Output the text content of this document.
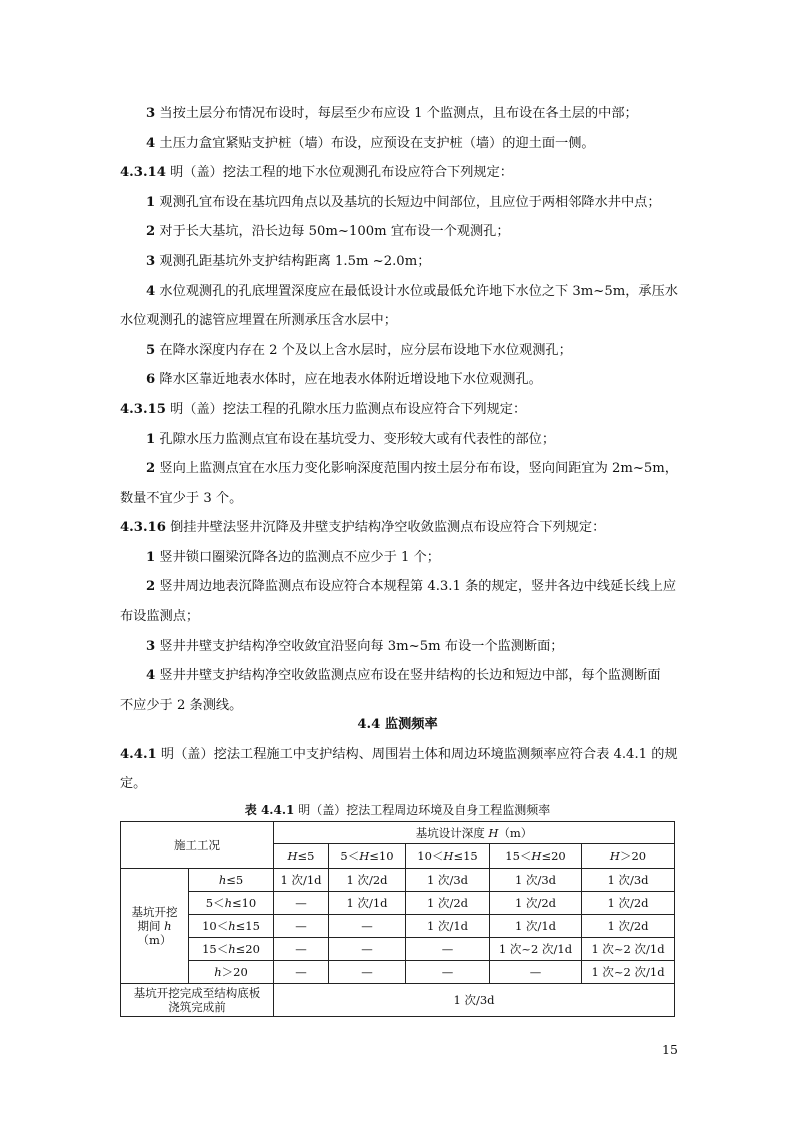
3 当按土层分布情况布设时，每层至少布应设 1 个监测点，且布设在各土层的中部；
4 土压力盒宜紧贴支护桩（墙）布设，应预设在支护桩（墙）的迎土面一侧。
4.3.14 明（盖）挖法工程的地下水位观测孔布设应符合下列规定：
1 观测孔宜布设在基坑四角点以及基坑的长短边中间部位，且应位于两相邻降水井中点；
2 对于长大基坑，沿长边每 50m~100m 宜布设一个观测孔；
3 观测孔距基坑外支护结构距离 1.5m ~2.0m；
4 水位观测孔的孔底埋置深度应在最低设计水位或最低允许地下水位之下 3m~5m，承压水
水位观测孔的滤管应埋置在所测承压含水层中；
5 在降水深度内存在 2 个及以上含水层时，应分层布设地下水位观测孔；
6 降水区靠近地表水体时，应在地表水体附近增设地下水位观测孔。
4.3.15 明（盖）挖法工程的孔隙水压力监测点布设应符合下列规定：
1 孔隙水压力监测点宜布设在基坑受力、变形较大或有代表性的部位；
2 竖向上监测点宜在水压力变化影响深度范围内按土层分布布设，竖向间距宜为 2m~5m，
数量不宜少于 3 个。
4.3.16 倒挂井壁法竖井沉降及井壁支护结构净空收敛监测点布设应符合下列规定：
1 竖井锁口圈梁沉降各边的监测点不应少于 1 个；
2 竖井周边地表沉降监测点布设应符合本规程第 4.3.1 条的规定，竖井各边中线延长线上应
布设监测点；
3 竖井井壁支护结构净空收敛宜沿竖向每 3m~5m 布设一个监测断面；
4 竖井井壁支护结构净空收敛监测点应布设在竖井结构的长边和短边中部，每个监测断面
不应少于 2 条测线。
4.4 监测频率
4.4.1 明（盖）挖法工程施工中支护结构、周围岩土体和周边环境监测频率应符合表 4.4.1 的规
定。
表 4.4.1 明（盖）挖法工程周边环境及自身工程监测频率
施工工况		基坑设计深度 H（m）				
		H≤5	5＜H≤10	10＜H≤15	15＜H≤20	H＞20
基坑开挖
期间 h
（m）	h≤5	1 次/1d	1 次/2d	1 次/3d	1 次/3d	1 次/3d
	5＜h≤10	—	1 次/1d	1 次/2d	1 次/2d	1 次/2d
	10＜h≤15	—	—	1 次/1d	1 次/1d	1 次/2d
	15＜h≤20	—	—	—	1 次~2 次/1d	1 次~2 次/1d
	h＞20	—	—	—	—	1 次~2 次/1d
基坑开挖完成至结构底板
浇筑完成前		1 次/3d				
15
